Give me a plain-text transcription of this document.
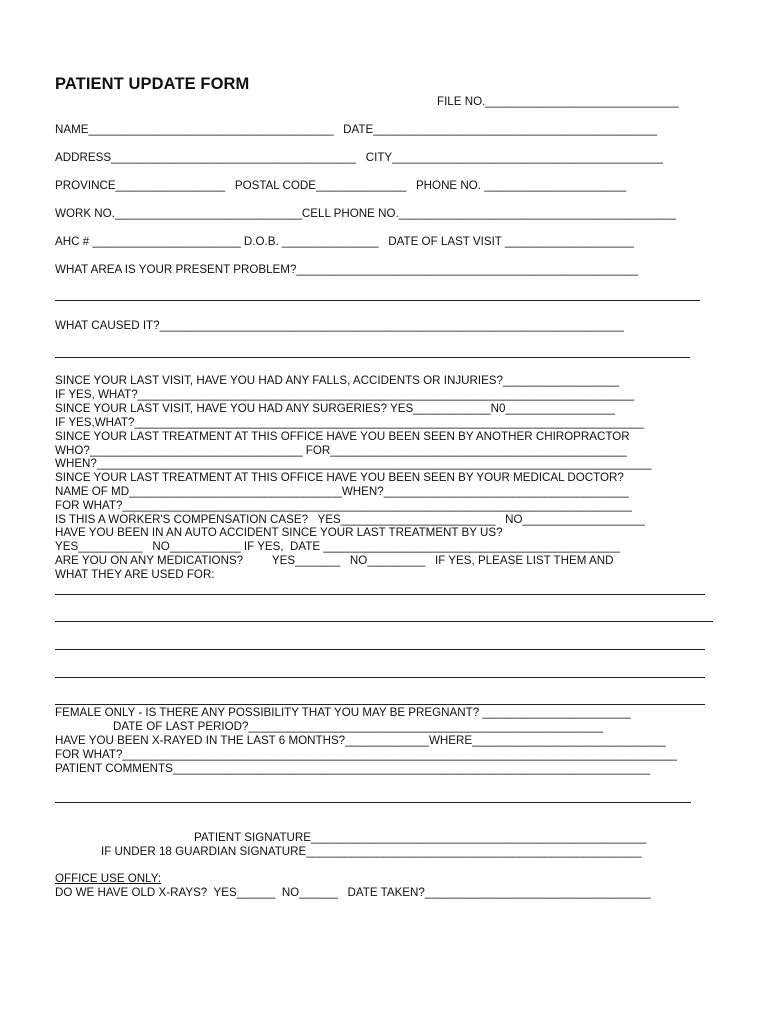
PATIENT UPDATE FORM
FILE NO.______________________________
NAME______________________________________   DATE____________________________________________
ADDRESS______________________________________   CITY__________________________________________
PROVINCE_________________   POSTAL CODE______________   PHONE NO. ______________________
WORK NO._____________________________CELL PHONE NO.___________________________________________
AHC # _______________________ D.O.B. _______________   DATE OF LAST VISIT ____________________
WHAT AREA IS YOUR PRESENT PROBLEM?_____________________________________________________
WHAT CAUSED IT?________________________________________________________________________
SINCE YOUR LAST VISIT, HAVE YOU HAD ANY FALLS, ACCIDENTS OR INJURIES?__________________
IF YES, WHAT?_____________________________________________________________________________
SINCE YOUR LAST VISIT, HAVE YOU HAD ANY SURGERIES? YES____________N0_________________
IF YES,WHAT?_______________________________________________________________________________
SINCE YOUR LAST TREATMENT AT THIS OFFICE HAVE YOU BEEN SEEN BY ANOTHER CHIROPRACTOR
WHO?_________________________________ FOR______________________________________________
WHEN?______________________________________________________________________________________
SINCE YOUR LAST TREATMENT AT THIS OFFICE HAVE YOU BEEN SEEN BY YOUR MEDICAL DOCTOR?
NAME OF MD_________________________________WHEN?______________________________________
FOR WHAT?_______________________________________________________________________________
IS THIS A WORKER'S COMPENSATION CASE?   YES________________________   NO___________________
HAVE YOU BEEN IN AN AUTO ACCIDENT SINCE YOUR LAST TREATMENT BY US?
YES__________   NO___________ IF YES,  DATE ______________________________________________
ARE YOU ON ANY MEDICATIONS?         YES_______   NO_________   IF YES, PLEASE LIST THEM AND
WHAT THEY ARE USED FOR:
FEMALE ONLY - IS THERE ANY POSSIBILITY THAT YOU MAY BE PREGNANT? _______________________
DATE OF LAST PERIOD?_______________________________________________________
HAVE YOU BEEN X-RAYED IN THE LAST 6 MONTHS?_____________WHERE______________________________
FOR WHAT?______________________________________________________________________________________
PATIENT COMMENTS__________________________________________________________________________
PATIENT SIGNATURE____________________________________________________
IF UNDER 18 GUARDIAN SIGNATURE____________________________________________________
OFFICE USE ONLY:
DO WE HAVE OLD X-RAYS?  YES______  NO______   DATE TAKEN?___________________________________
